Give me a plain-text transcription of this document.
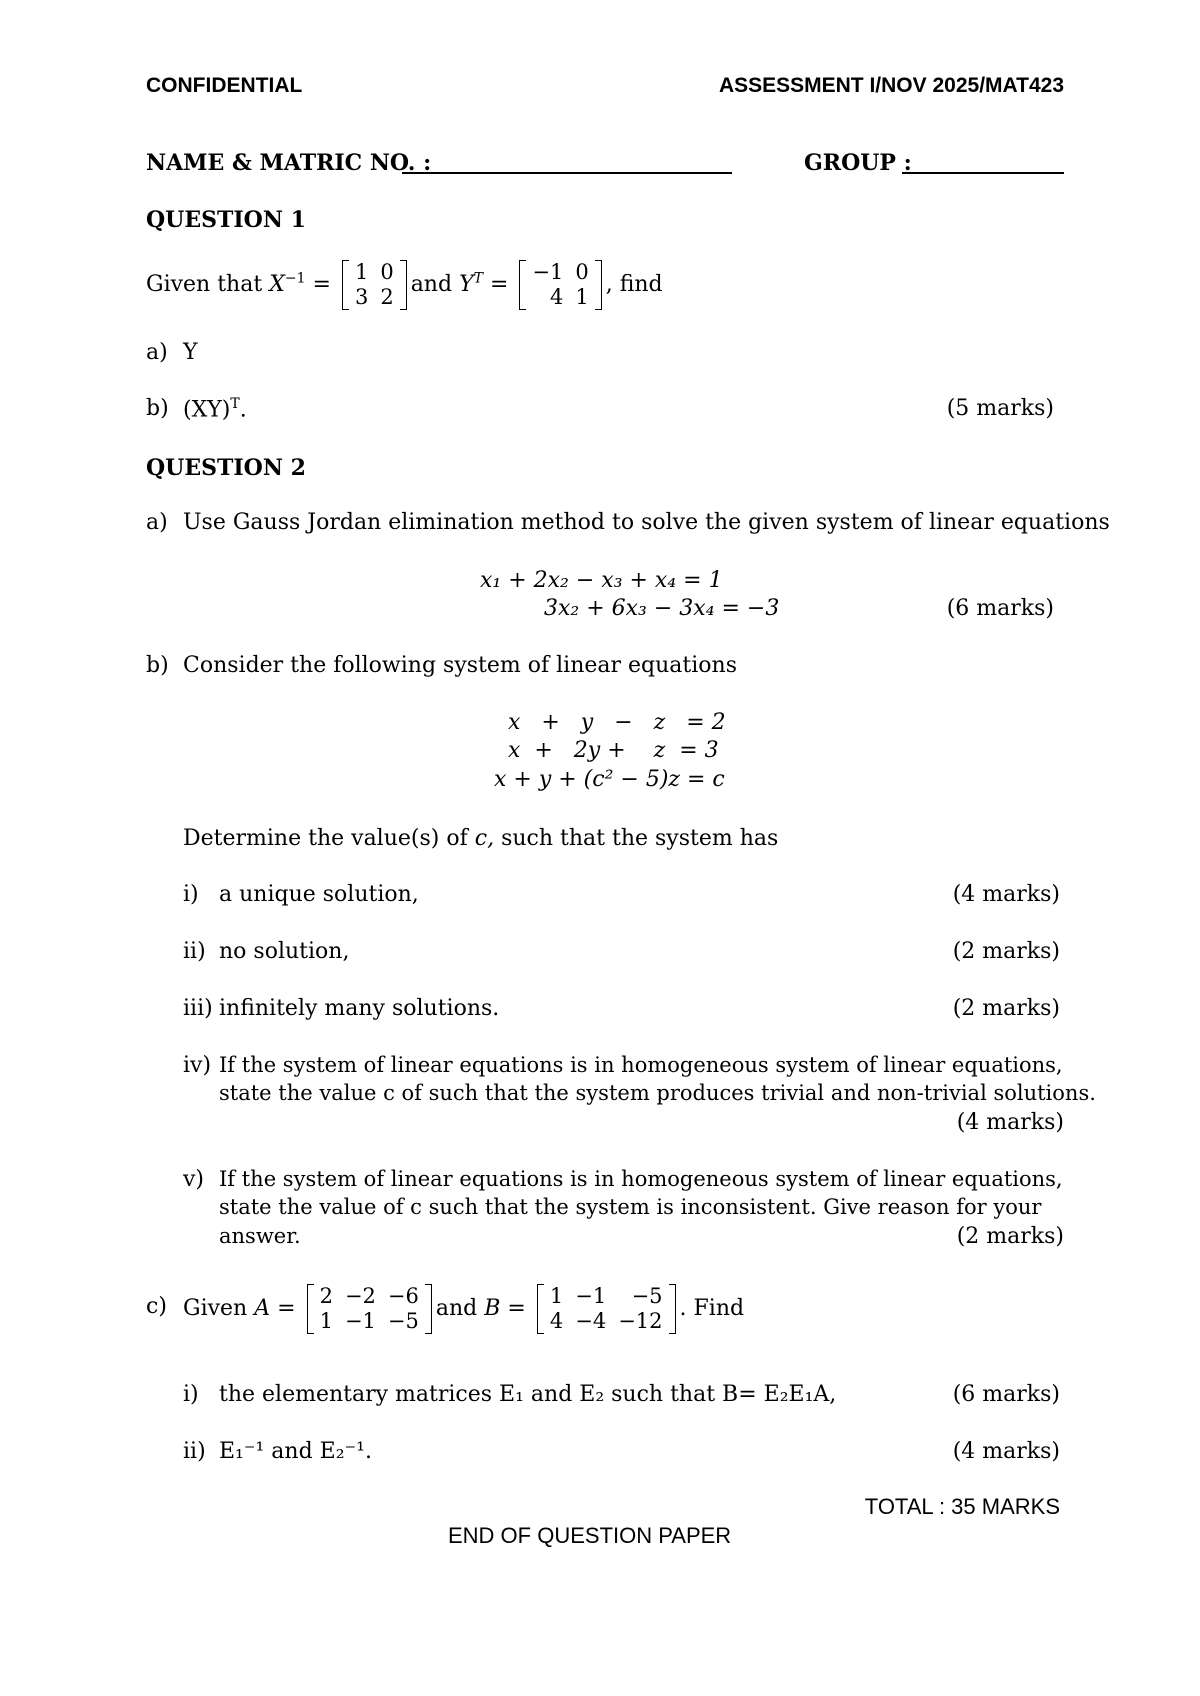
CONFIDENTIAL	ASSESSMENT I/NOV 2025/MAT423
NAME & MATRIC NO. :	GROUP :
QUESTION 1
Given that $X^{-1} = 1$	0
3	2 and $Y^T = -1$	0
4	1 , find
a) Y
b) (XY)$^T$.	(5 marks)
QUESTION 2
a) Use Gauss Jordan elimination method to solve the given system of linear equations
x₁ + 2x₂ − x₃ + x₄ = 1
3x₂ + 6x₃ − 3x₄ = −3	(6 marks)
b) Consider the following system of linear equations
x   +   y   −   z   = 2
x  +   2y +    z  = 3
x + y + (c² − 5)z = c
Determine the value(s) of c, such that the system has
i) a unique solution,	(4 marks)
ii) no solution,	(2 marks)
iii) infinitely many solutions.	(2 marks)
iv) If the system of linear equations is in homogeneous system of linear equations,
state the value c of such that the system produces trivial and non-trivial solutions.
(4 marks)
v) If the system of linear equations is in homogeneous system of linear equations,
state the value of c such that the system is inconsistent. Give reason for your
answer.	(2 marks)
c) Given A = 2	−2	−6
1	−1	−5 and B = 1	−1	−5
4	−4	−12 . Find
i) the elementary matrices E₁ and E₂ such that B= E₂E₁A,	(6 marks)
ii) E₁⁻¹ and E₂⁻¹.	(4 marks)
TOTAL : 35 MARKS
END OF QUESTION PAPER
